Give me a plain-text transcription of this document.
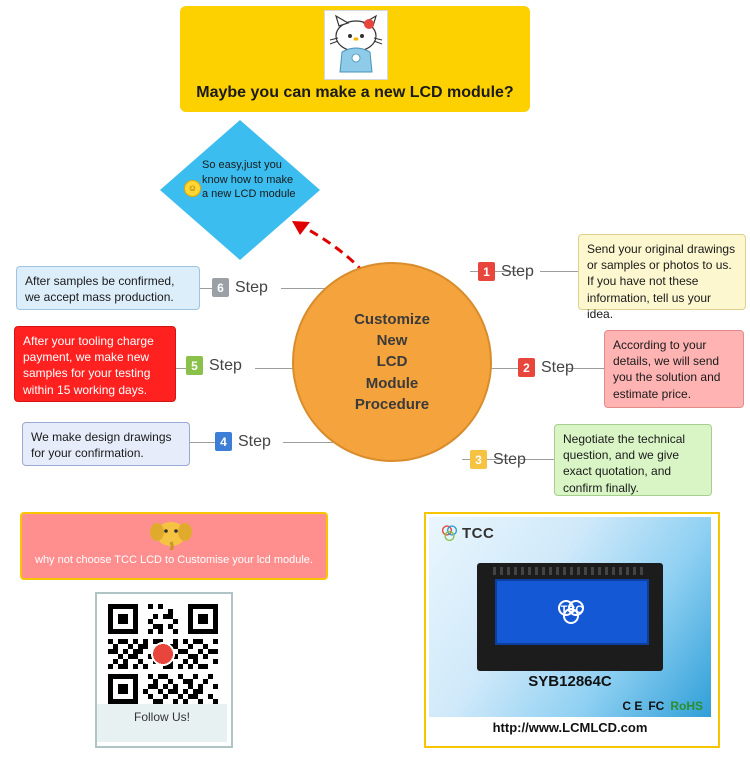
Maybe you can make a new LCD module?
☺
So easy,just you know how to make a new LCD module
Customize
New
LCD
Module
Procedure
1 Step
2 Step
3 Step
4 Step
5 Step
6 Step
Send your original drawings or samples or photos to us. If you have not these information, tell us your idea.
According to your details, we will send you the solution and estimate price.
Negotiate the technical question, and we give exact quotation, and confirm finally.
We make design drawings for your confirmation.
After your tooling charge payment, we make new samples for your testing within 15 working days.
After samples be confirmed, we accept mass production.
why not choose TCC LCD to Customise your lcd module.
Follow Us!
TCC
TCC
SYB12864C
C E FC RoHS
http://www.LCMLCD.com
